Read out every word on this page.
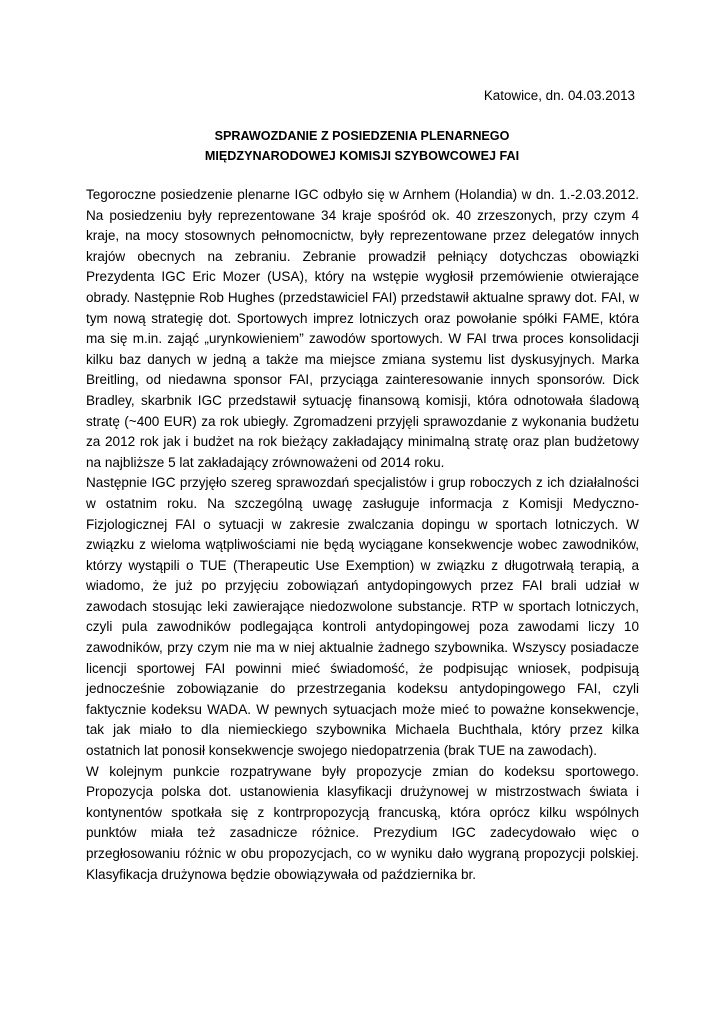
Katowice, dn. 04.03.2013
SPRAWOZDANIE Z POSIEDZENIA PLENARNEGO
MIĘDZYNARODOWEJ KOMISJI SZYBOWCOWEJ FAI

Tegoroczne posiedzenie plenarne IGC odbyło się w Arnhem (Holandia) w dn. 1.-2.03.2012. Na posiedzeniu były reprezentowane 34 kraje spośród ok. 40 zrzeszonych, przy czym 4 kraje, na mocy stosownych pełnomocnictw, były reprezentowane przez delegatów innych krajów obecnych na zebraniu. Zebranie prowadził pełniący dotychczas obowiązki Prezydenta IGC Eric Mozer (USA), który na wstępie wygłosił przemówienie otwierające obrady. Następnie Rob Hughes (przedstawiciel FAI) przedstawił aktualne sprawy dot. FAI, w tym nową strategię dot. Sportowych imprez lotniczych oraz powołanie spółki FAME, która ma się m.in. zająć „urynkowieniem” zawodów sportowych. W FAI trwa proces konsolidacji kilku baz danych w jedną a także ma miejsce zmiana systemu list dyskusyjnych. Marka Breitling, od niedawna sponsor FAI, przyciąga zainteresowanie innych sponsorów. Dick Bradley, skarbnik IGC przedstawił sytuację finansową komisji, która odnotowała śladową stratę (~400 EUR) za rok ubiegły. Zgromadzeni przyjęli sprawozdanie z wykonania budżetu za 2012 rok jak i budżet na rok bieżący zakładający minimalną stratę oraz plan budżetowy na najbliższe 5 lat zakładający zrównoważeni od 2014 roku.

Następnie IGC przyjęło szereg sprawozdań specjalistów i grup roboczych z ich działalności w ostatnim roku. Na szczególną uwagę zasługuje informacja z Komisji Medyczno-Fizjologicznej FAI o sytuacji w zakresie zwalczania dopingu w sportach lotniczych. W związku z wieloma wątpliwościami nie będą wyciągane konsekwencje wobec zawodników, którzy wystąpili o TUE (Therapeutic Use Exemption) w związku z długotrwałą terapią, a wiadomo, że już po przyjęciu zobowiązań antydopingowych przez FAI brali udział w zawodach stosując leki zawierające niedozwolone substancje. RTP w sportach lotniczych, czyli pula zawodników podlegająca kontroli antydopingowej poza zawodami liczy 10 zawodników, przy czym nie ma w niej aktualnie żadnego szybownika. Wszyscy posiadacze licencji sportowej FAI powinni mieć świadomość, że podpisując wniosek, podpisują jednocześnie zobowiązanie do przestrzegania kodeksu antydopingowego FAI, czyli faktycznie kodeksu WADA. W pewnych sytuacjach może mieć to poważne konsekwencje, tak jak miało to dla niemieckiego szybownika Michaela Buchthala, który przez kilka ostatnich lat ponosił konsekwencje swojego niedopatrzenia (brak TUE na zawodach).

W kolejnym punkcie rozpatrywane były propozycje zmian do kodeksu sportowego. Propozycja polska dot. ustanowienia klasyfikacji drużynowej w mistrzostwach świata i kontynentów spotkała się z kontrpropozycją francuską, która oprócz kilku wspólnych punktów miała też zasadnicze różnice. Prezydium IGC zadecydowało więc o przegłosowaniu różnic w obu propozycjach, co w wyniku dało wygraną propozycji polskiej. Klasyfikacja drużynowa będzie obowiązywała od października br.
